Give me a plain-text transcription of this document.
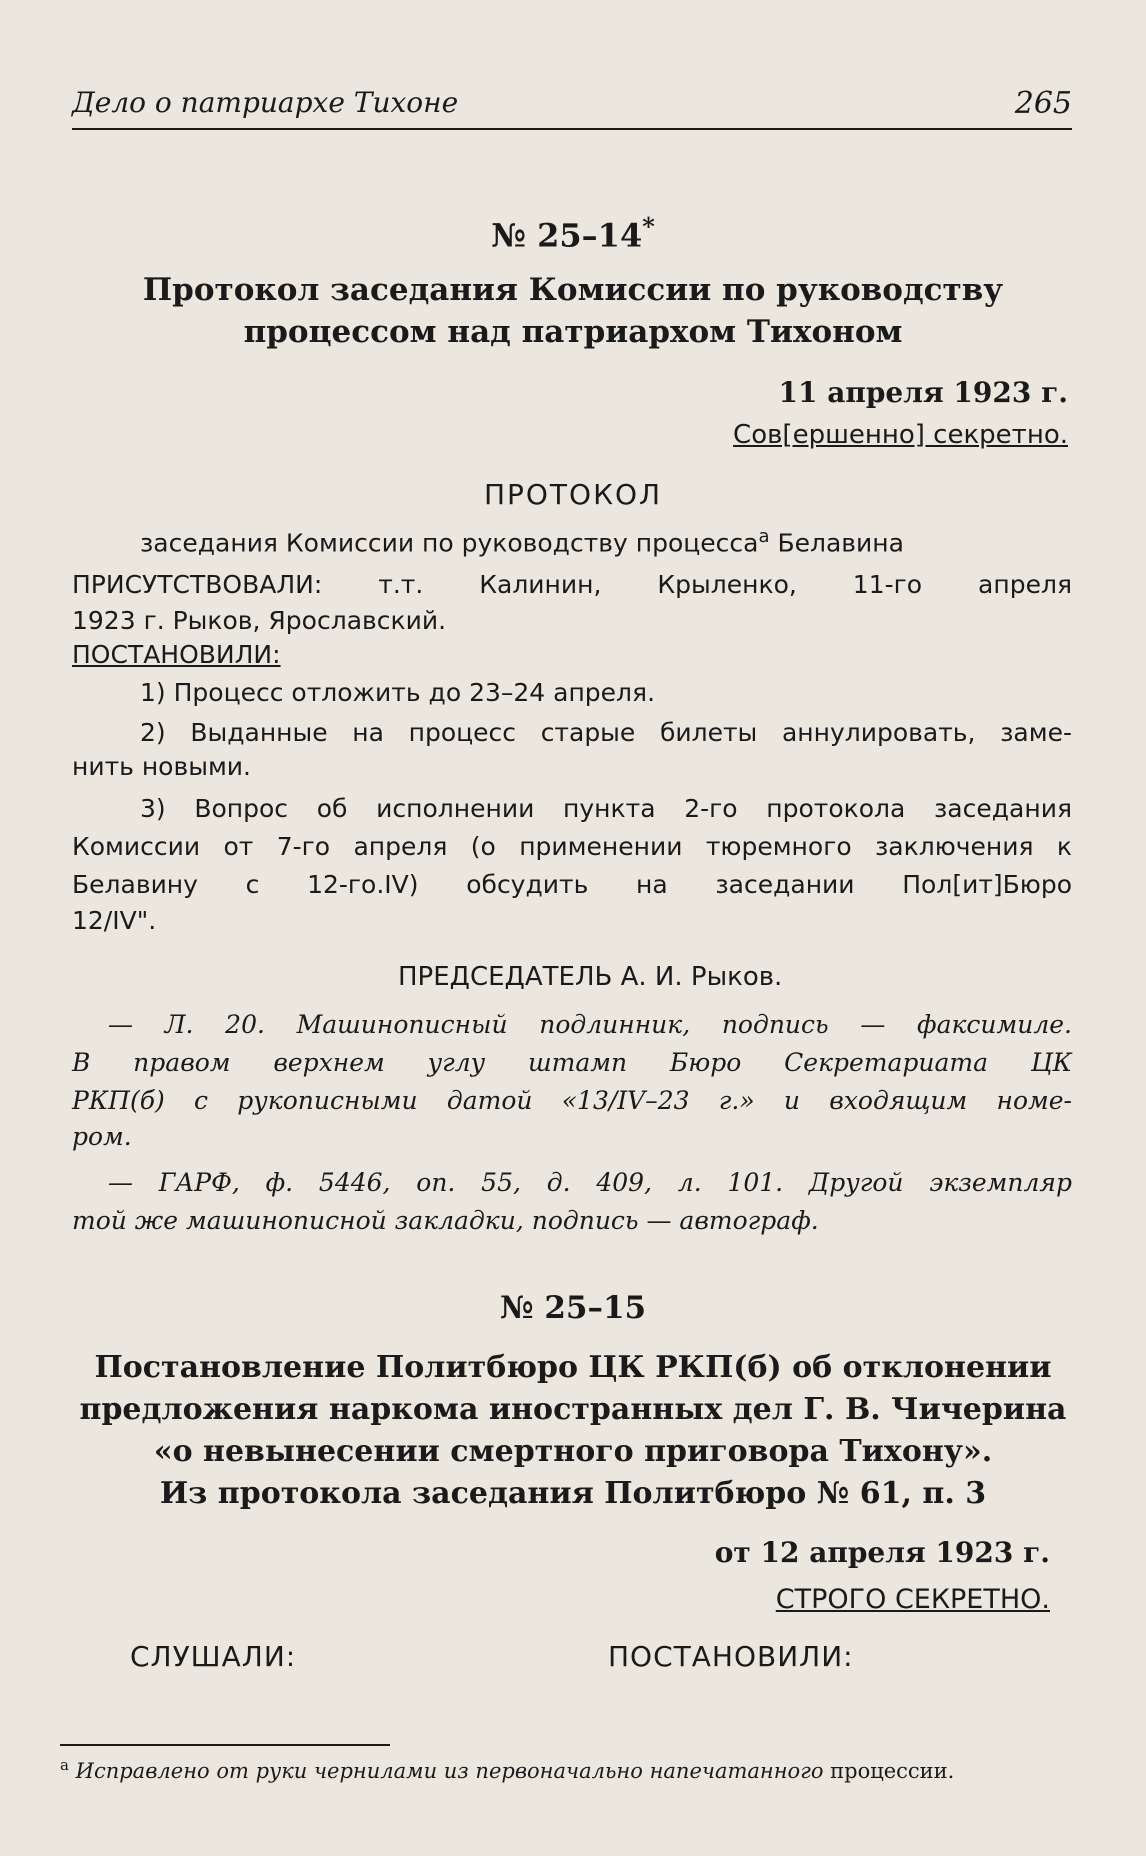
Дело о патриархе Тихоне	265
№ 25–14*
Протокол заседания Комиссии по руководству
процессом над патриархом Тихоном
11 апреля 1923 г.
Сов[ершенно] секретно.
ПРОТОКОЛ
заседания Комиссии по руководству процесса$^а$ Белавина
ПРИСУТСТВОВАЛИ: т.т. Калинин, Крыленко, 11-го апреля
1923 г. Рыков, Ярославский.
ПОСТАНОВИЛИ:
1) Процесс отложить до 23–24 апреля.
2) Выданные на процесс старые билеты аннулировать, заме-
нить новыми.
3) Вопрос об исполнении пункта 2-го протокола заседания
Комиссии от 7-го апреля (о применении тюремного заключения к
Белавину с 12-го.IV) обсудить на заседании Пол[ит]Бюро
12/IV".
ПРЕДСЕДАТЕЛЬ А. И. Рыков.
— Л. 20. Машинописный подлинник, подпись — факсимиле.
В правом верхнем углу штамп Бюро Секретариата ЦК
РКП(б) с рукописными датой «13/IV–23 г.» и входящим номе-
ром.
— ГАРФ, ф. 5446, оп. 55, д. 409, л. 101. Другой экземпляр
той же машинописной закладки, подпись — автограф.
№ 25–15
Постановление Политбюро ЦК РКП(б) об отклонении
предложения наркома иностранных дел Г. В. Чичерина
«о невынесении смертного приговора Тихону».
Из протокола заседания Политбюро № 61, п. 3
от 12 апреля 1923 г.
СТРОГО СЕКРЕТНО.
СЛУШАЛИ:	ПОСТАНОВИЛИ:
$^а$ Исправлено от руки чернилами из первоначально напечатанного процессии.
